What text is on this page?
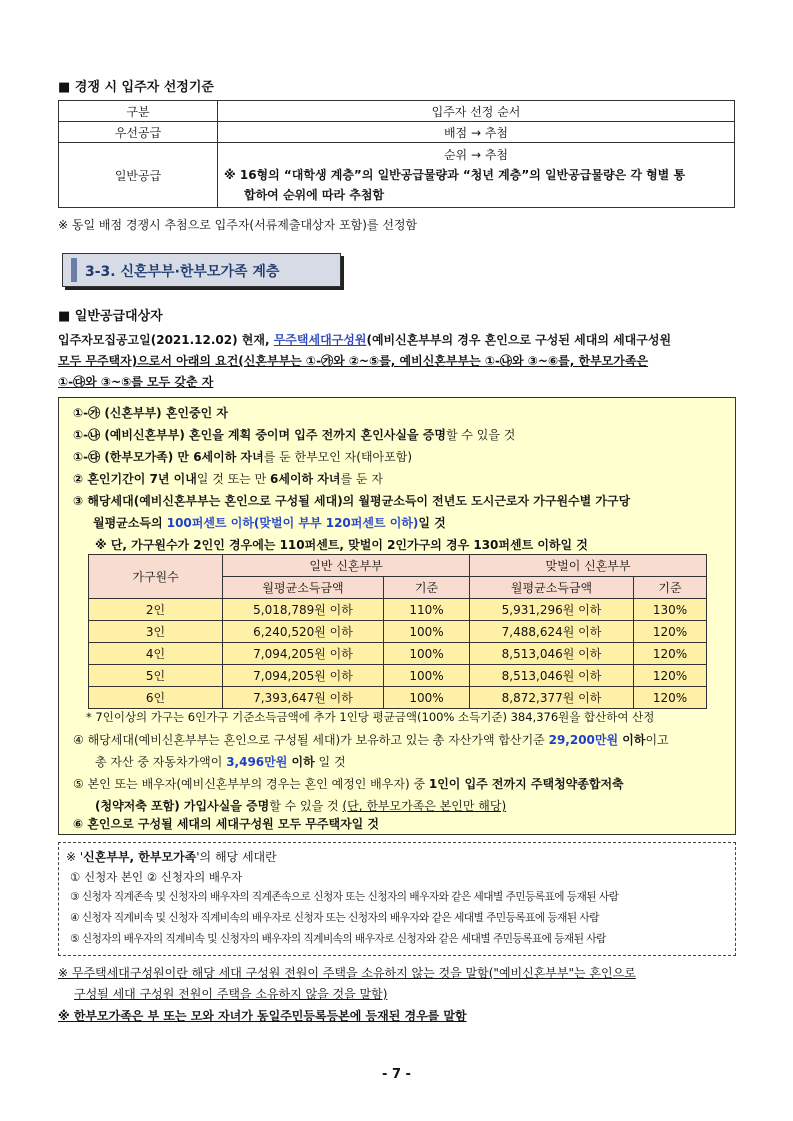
■ 경쟁 시 입주자 선정기준
구분	입주자 선정 순서
우선공급	배점 → 추첨
일반공급	순위 → 추첨
※ 16형의 “대학생 계층”의 일반공급물량과 “청년 계층”의 일반공급물량은 각 형별 통
합하여 순위에 따라 추첨함
※ 동일 배점 경쟁시 추첨으로 입주자(서류제출대상자 포함)를 선정함
3-3. 신혼부부·한부모가족 계층
■ 일반공급대상자
입주자모집공고일(2021.12.02) 현재, 무주택세대구성원(예비신혼부부의 경우 혼인으로 구성된 세대의 세대구성원
모두 무주택자)으로서 아래의 요건(신혼부부는 ①-㉮와 ②~⑤를, 예비신혼부부는 ①-㉯와 ③~⑥를, 한부모가족은
①-㉰와 ③~⑤를 모두 갖춘 자
①-㉮ (신혼부부) 혼인중인 자
①-㉯ (예비신혼부부) 혼인을 계획 중이며 입주 전까지 혼인사실을 증명할 수 있을 것
①-㉰ (한부모가족) 만 6세이하 자녀를 둔 한부모인 자(태아포함)
② 혼인기간이 7년 이내일 것 또는 만 6세이하 자녀를 둔 자
③ 해당세대(예비신혼부부는 혼인으로 구성될 세대)의 월평균소득이 전년도 도시근로자 가구원수별 가구당
월평균소득의 100퍼센트 이하(맞벌이 부부 120퍼센트 이하)일 것
※ 단, 가구원수가 2인인 경우에는 110퍼센트, 맞벌이 2인가구의 경우 130퍼센트 이하일 것
가구원수	일반 신혼부부		맞벌이 신혼부부	
	월평균소득금액	기준	월평균소득금액	기준
2인	5,018,789원 이하	110%	5,931,296원 이하	130%
3인	6,240,520원 이하	100%	7,488,624원 이하	120%
4인	7,094,205원 이하	100%	8,513,046원 이하	120%
5인	7,094,205원 이하	100%	8,513,046원 이하	120%
6인	7,393,647원 이하	100%	8,872,377원 이하	120%
* 7인이상의 가구는 6인가구 기준소득금액에 추가 1인당 평균금액(100% 소득기준) 384,376원을 합산하여 산정
④ 해당세대(예비신혼부부는 혼인으로 구성될 세대)가 보유하고 있는 총 자산가액 합산기준 29,200만원 이하이고
총 자산 중 자동차가액이 3,496만원 이하 일 것
⑤ 본인 또는 배우자(예비신혼부부의 경우는 혼인 예정인 배우자) 중 1인이 입주 전까지 주택청약종합저축
(청약저축 포함) 가입사실을 증명할 수 있을 것 (단, 한부모가족은 본인만 해당)
⑥ 혼인으로 구성될 세대의 세대구성원 모두 무주택자일 것
※ '신혼부부, 한부모가족'의 해당 세대란
① 신청자 본인 ② 신청자의 배우자
③ 신청자 직계존속 및 신청자의 배우자의 직계존속으로 신청자 또는 신청자의 배우자와 같은 세대별 주민등록표에 등재된 사람
④ 신청자 직계비속 및 신청자 직계비속의 배우자로 신청자 또는 신청자의 배우자와 같은 세대별 주민등록표에 등재된 사람
⑤ 신청자의 배우자의 직계비속 및 신청자의 배우자의 직계비속의 배우자로 신청자와 같은 세대별 주민등록표에 등재된 사람
※ 무주택세대구성원이란 해당 세대 구성원 전원이 주택을 소유하지 않는 것을 말함("예비신혼부부"는 혼인으로
구성될 세대 구성원 전원이 주택을 소유하지 않을 것을 말함)
※ 한부모가족은 부 또는 모와 자녀가 동일주민등록등본에 등재된 경우를 말함
- 7 -
